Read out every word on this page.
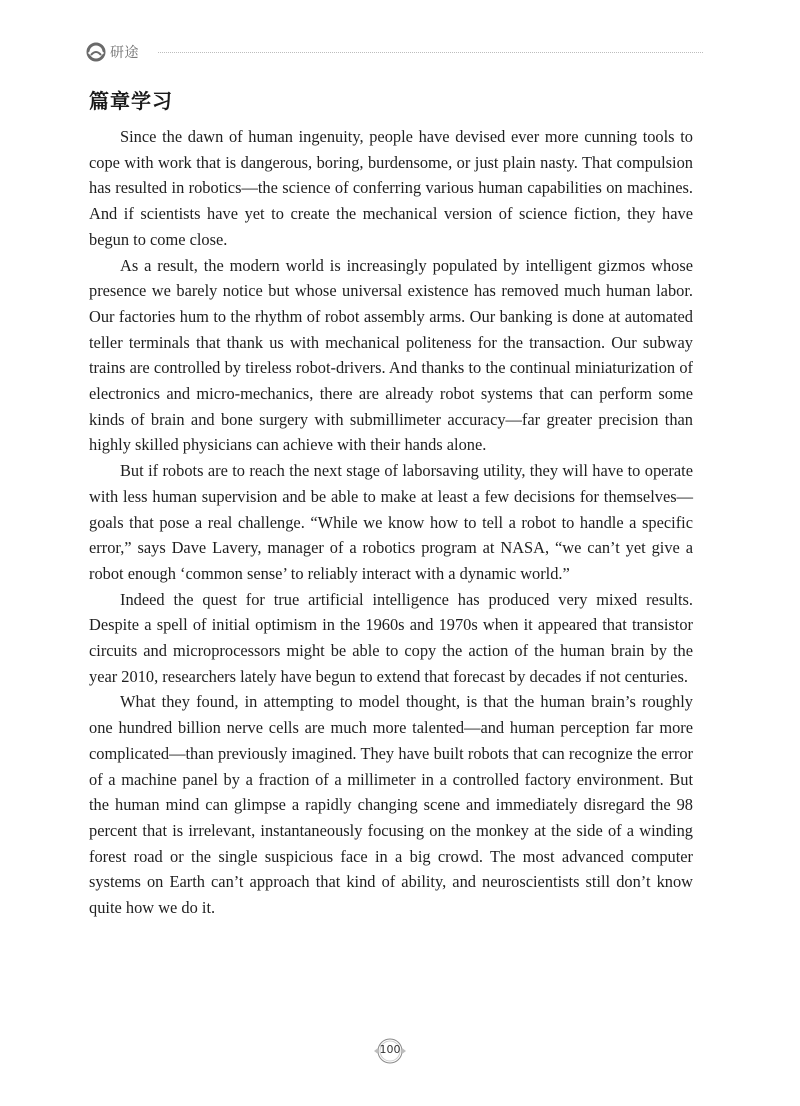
研途
篇章学习

Since the dawn of human ingenuity, people have devised ever more cunning tools to cope with work that is dangerous, boring, burdensome, or just plain nasty. That compulsion has resulted in robotics—the science of conferring various human capabilities on machines. And if scientists have yet to create the mechanical version of science fiction, they have begun to come close.

As a result, the modern world is increasingly populated by intelligent gizmos whose presence we barely notice but whose universal existence has removed much human labor. Our factories hum to the rhythm of robot assembly arms. Our banking is done at automated teller terminals that thank us with mechanical politeness for the transaction. Our subway trains are controlled by tireless robot-drivers. And thanks to the continual miniaturization of electronics and micro-mechanics, there are already robot systems that can perform some kinds of brain and bone surgery with submillimeter accuracy—far greater precision than highly skilled physicians can achieve with their hands alone.

But if robots are to reach the next stage of laborsaving utility, they will have to operate with less human supervision and be able to make at least a few decisions for themselves—goals that pose a real challenge. “While we know how to tell a robot to handle a specific error,” says Dave Lavery, manager of a robotics program at NASA, “we can’t yet give a robot enough ‘common sense’ to reliably interact with a dynamic world.”

Indeed the quest for true artificial intelligence has produced very mixed results. Despite a spell of initial optimism in the 1960s and 1970s when it appeared that transistor circuits and microprocessors might be able to copy the action of the human brain by the year 2010, researchers lately have begun to extend that forecast by decades if not centuries.

What they found, in attempting to model thought, is that the human brain’s roughly one hundred billion nerve cells are much more talented—and human perception far more complicated—than previously imagined. They have built robots that can recognize the error of a machine panel by a fraction of a millimeter in a controlled factory environment. But the human mind can glimpse a rapidly changing scene and immediately disregard the 98 percent that is irrelevant, instantaneously focusing on the monkey at the side of a winding forest road or the single suspicious face in a big crowd. The most advanced computer systems on Earth can’t approach that kind of ability, and neuroscientists still don’t know quite how we do it.

100
